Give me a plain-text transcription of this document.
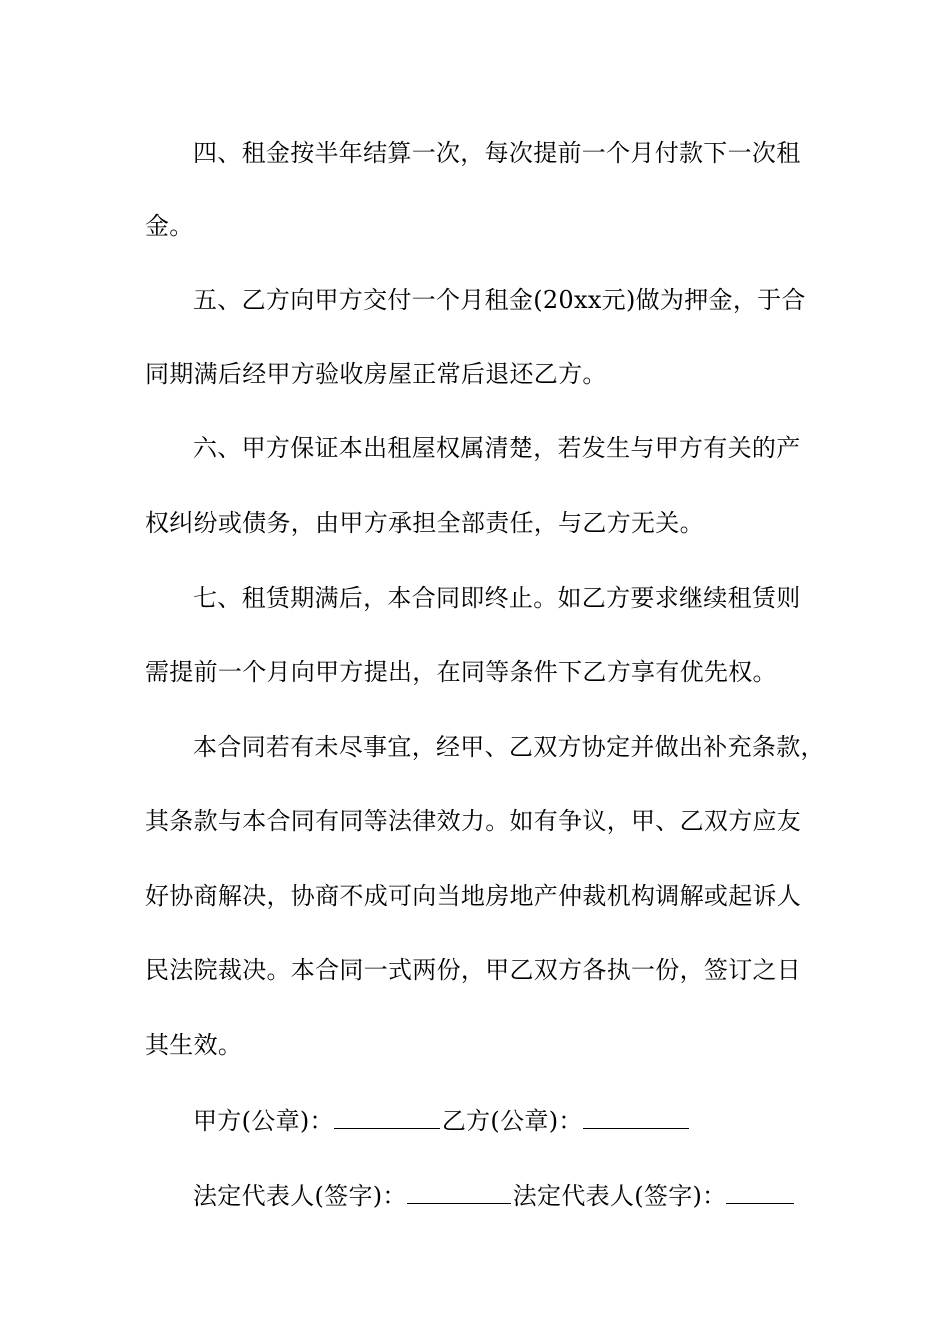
四、租金按半年结算一次，每次提前一个月付款下一次租
金。
五、乙方向甲方交付一个月租金(20xx元)做为押金，于合
同期满后经甲方验收房屋正常后退还乙方。
六、甲方保证本出租屋权属清楚，若发生与甲方有关的产
权纠纷或债务，由甲方承担全部责任，与乙方无关。
七、租赁期满后，本合同即终止。如乙方要求继续租赁则
需提前一个月向甲方提出，在同等条件下乙方享有优先权。
本合同若有未尽事宜，经甲、乙双方协定并做出补充条款，
其条款与本合同有同等法律效力。如有争议，甲、乙双方应友
好协商解决，协商不成可向当地房地产仲裁机构调解或起诉人
民法院裁决。本合同一式两份，甲乙双方各执一份，签订之日
其生效。
甲方(公章)：	乙方(公章)：
法定代表人(签字)：	法定代表人(签字)：
